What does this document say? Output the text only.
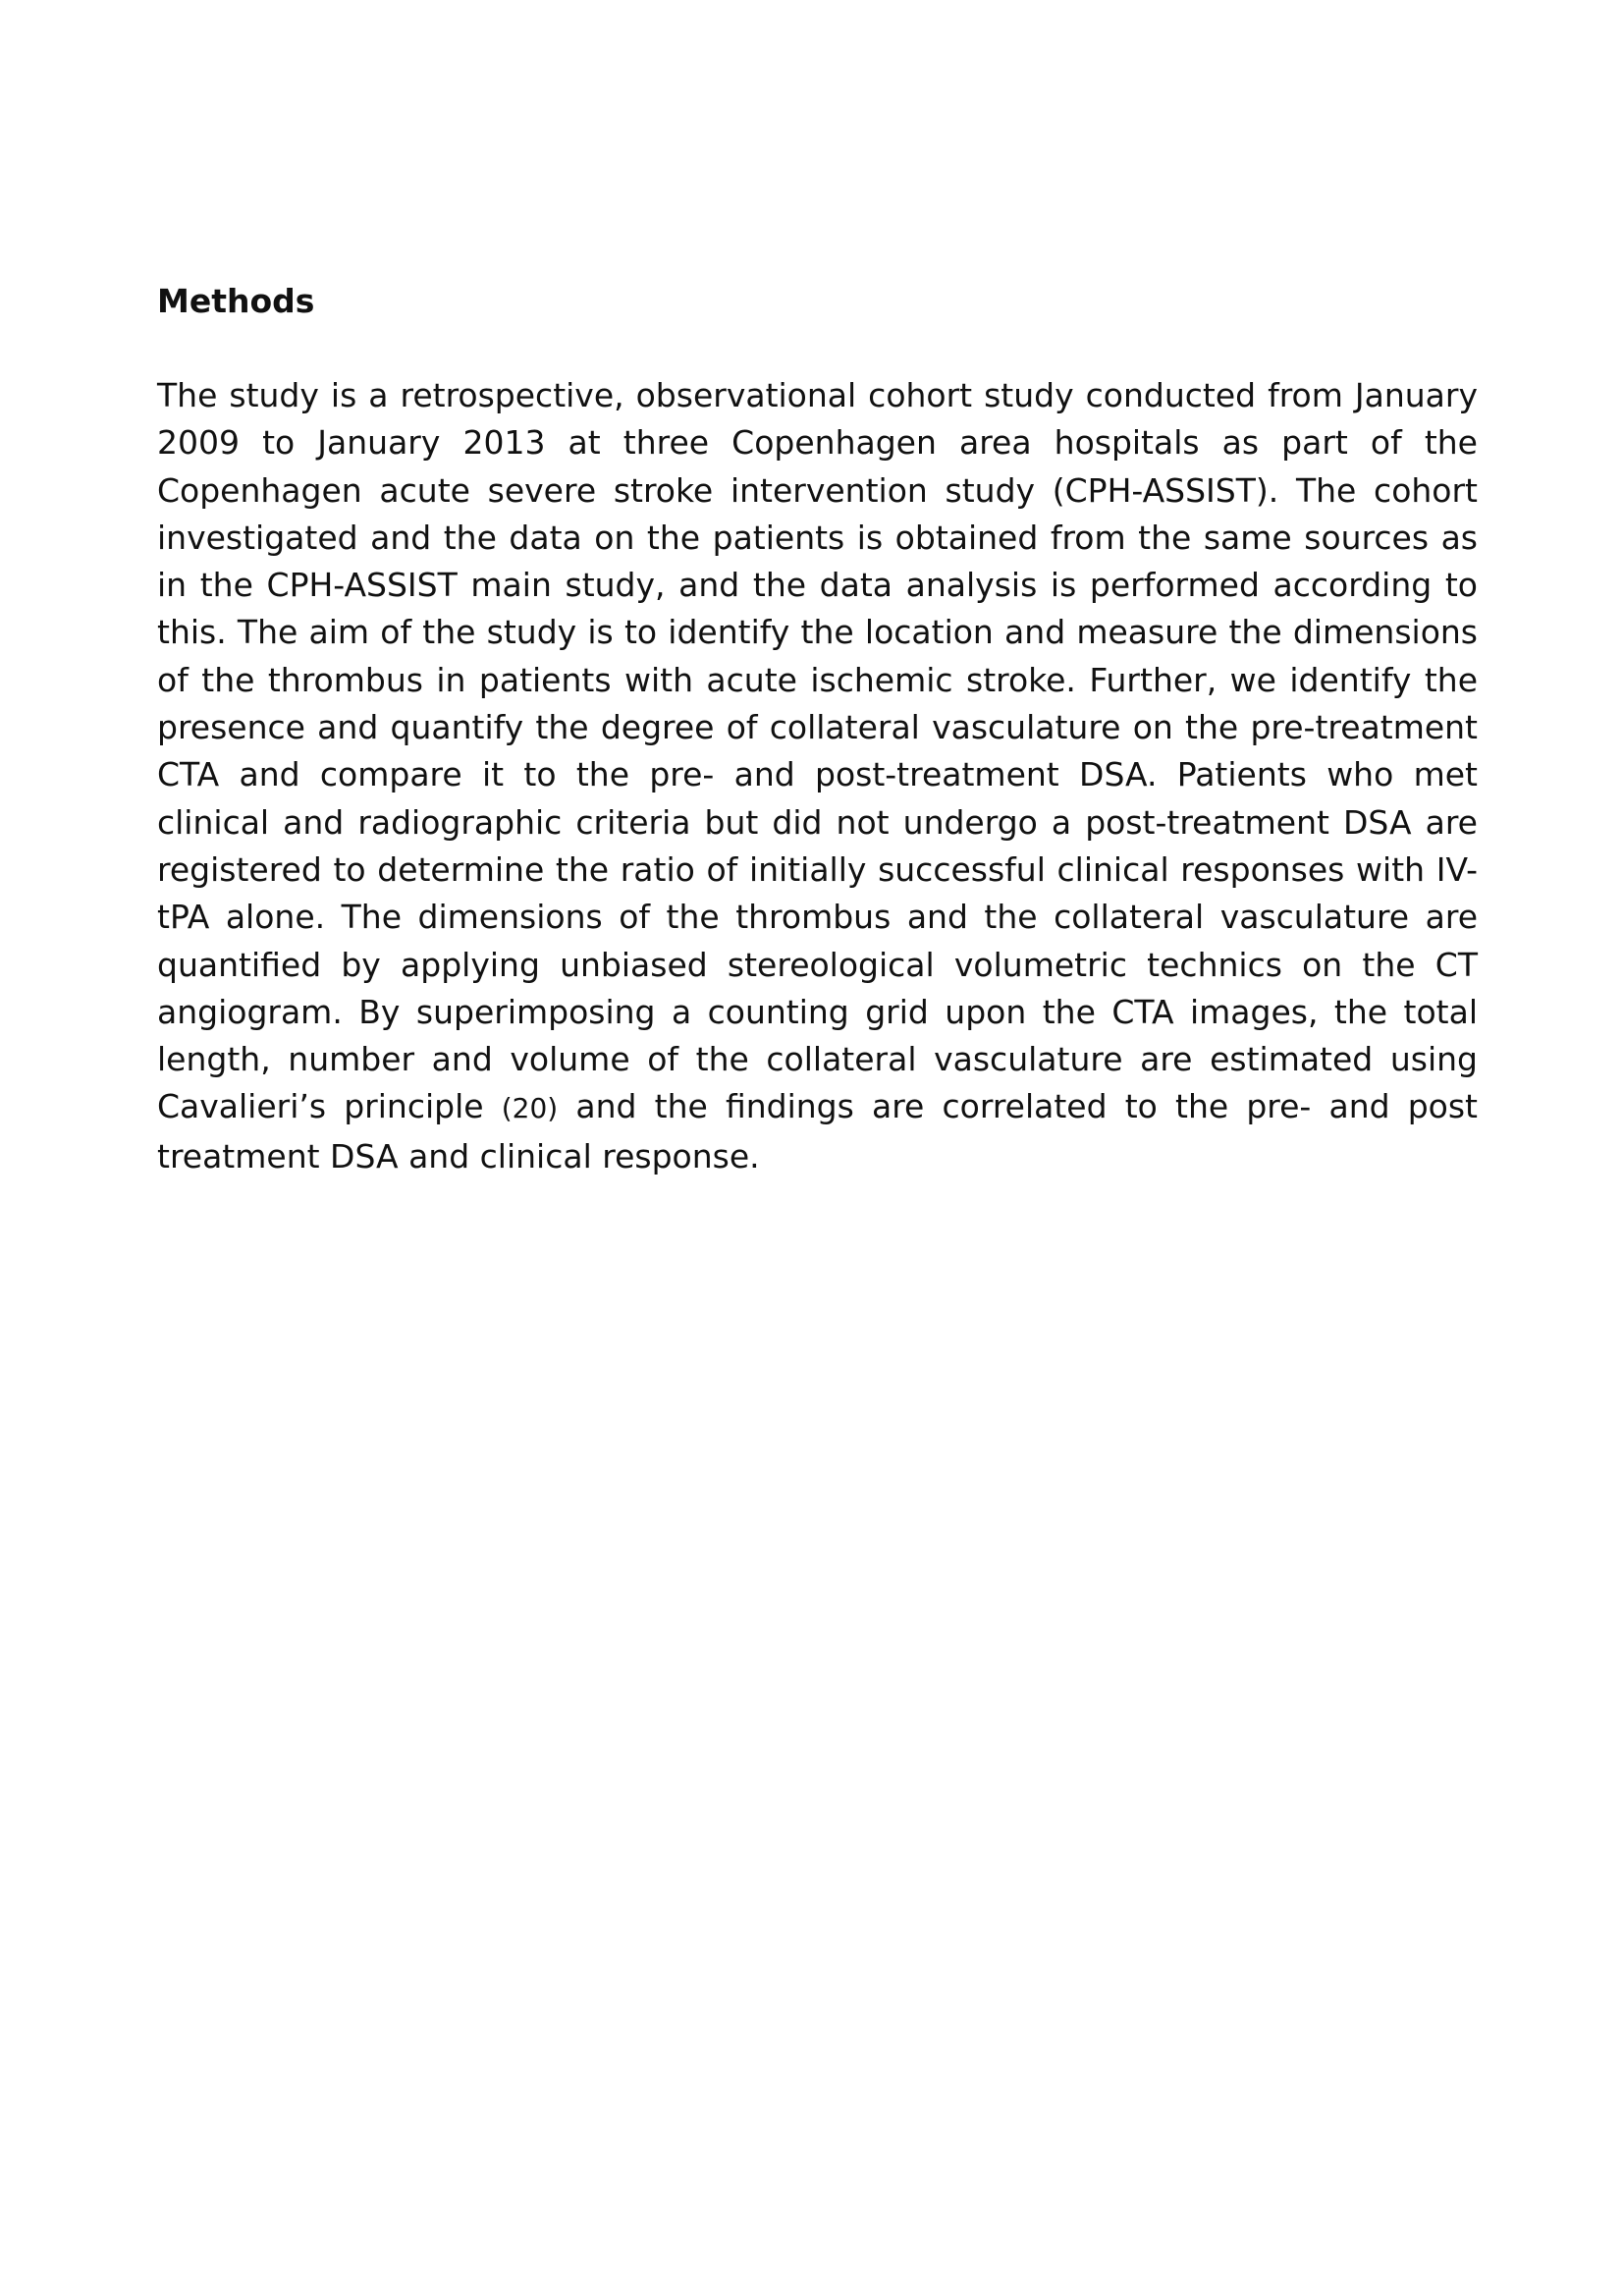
Methods

The study is a retrospective, observational cohort study conducted from January 2009 to January 2013 at three Copenhagen area hospitals as part of the Copenhagen acute severe stroke intervention study (CPH-ASSIST). The cohort investigated and the data on the patients is obtained from the same sources as in the CPH-ASSIST main study, and the data analysis is performed according to this. The aim of the study is to identify the location and measure the dimensions of the thrombus in patients with acute ischemic stroke. Further, we identify the presence and quantify the degree of collateral vasculature on the pre-treatment CTA and compare it to the pre- and post-treatment DSA. Patients who met clinical and radiographic criteria but did not undergo a post-treatment DSA are registered to determine the ratio of initially successful clinical responses with IV-tPA alone. The dimensions of the thrombus and the collateral vasculature are quantified by applying unbiased stereological volumetric technics on the CT angiogram. By superimposing a counting grid upon the CTA images, the total length, number and volume of the collateral vasculature are estimated using Cavalieri’s principle (20) and the findings are correlated to the pre- and post treatment DSA and clinical response.
